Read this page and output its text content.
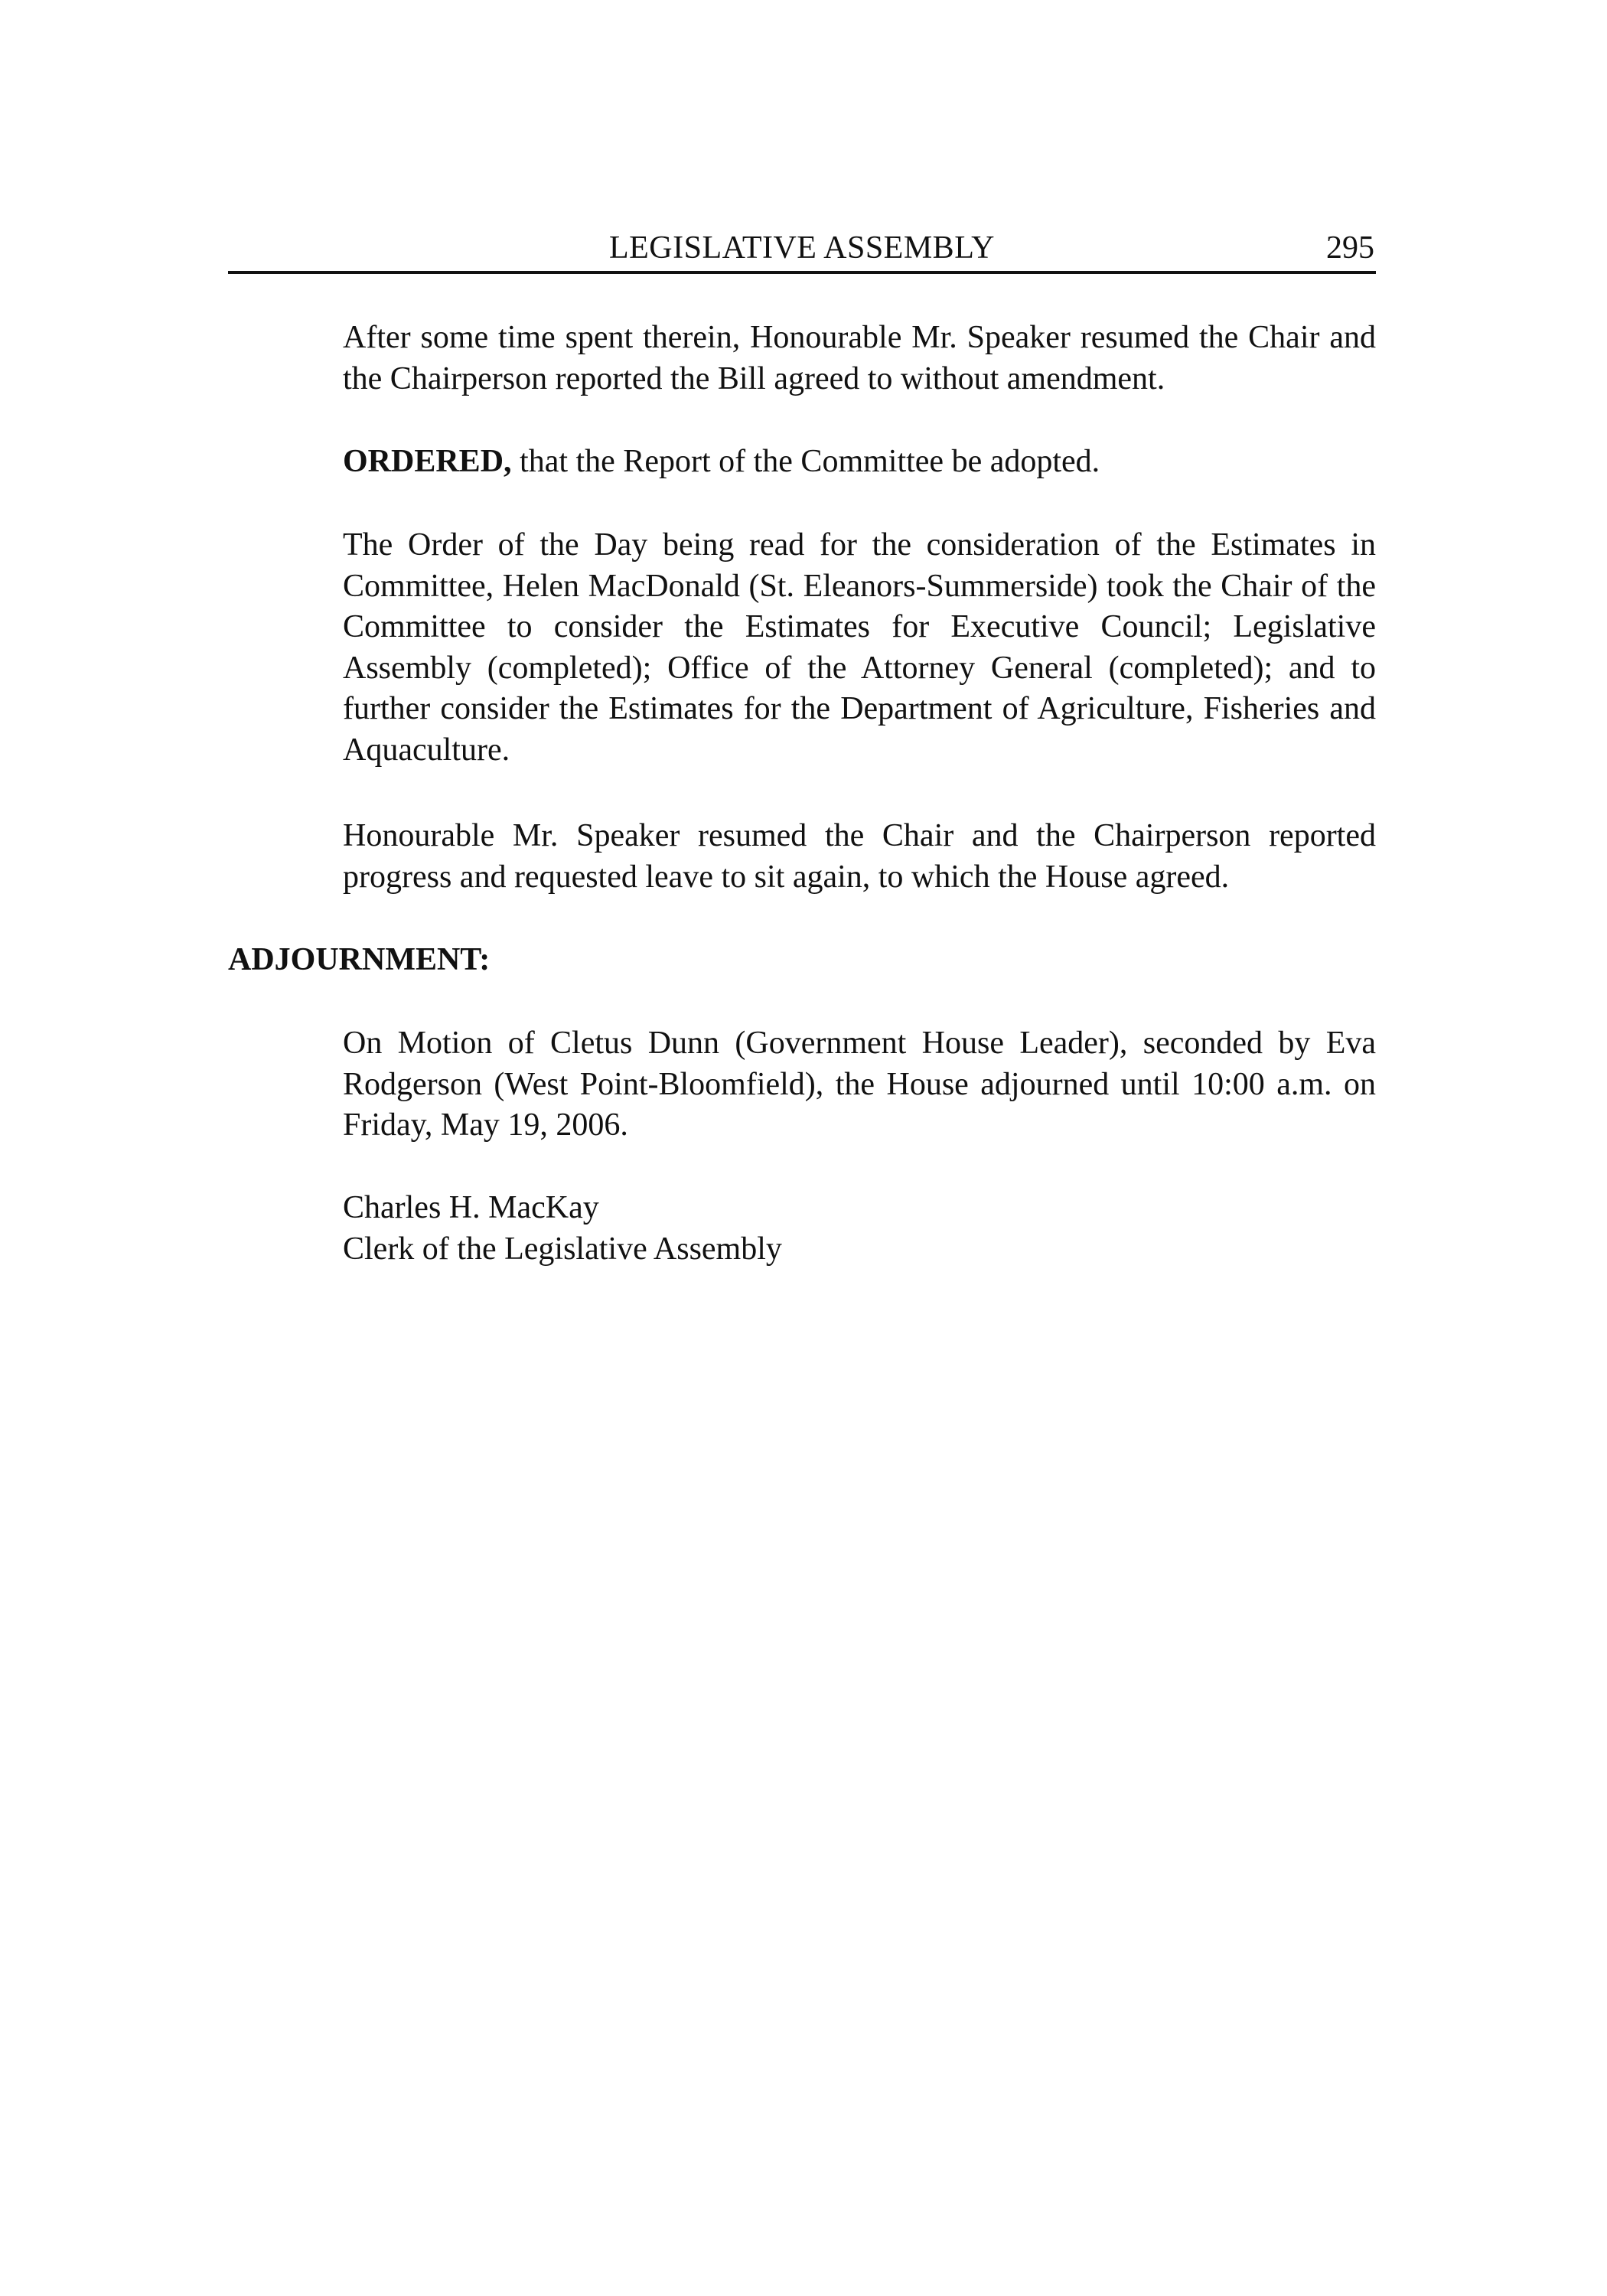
LEGISLATIVE ASSEMBLY	295

After some time spent therein, Honourable Mr. Speaker resumed the Chair and the Chairperson reported the Bill agreed to without amendment.

ORDERED, that the Report of the Committee be adopted.

The Order of the Day being read for the consideration of the Estimates in Committee, Helen MacDonald (St. Eleanors-Summerside) took the Chair of the Committee to consider the Estimates for Executive Council; Legislative Assembly (completed); Office of the Attorney General (completed); and to further consider the Estimates for the Department of Agriculture, Fisheries and Aquaculture.

Honourable Mr. Speaker resumed the Chair and the Chairperson reported progress and requested leave to sit again, to which the House agreed.

ADJOURNMENT:

On Motion of Cletus Dunn (Government House Leader), seconded by Eva Rodgerson (West Point-Bloomfield), the House adjourned until 10:00 a.m. on Friday, May 19, 2006.

Charles H. MacKay

Clerk of the Legislative Assembly
